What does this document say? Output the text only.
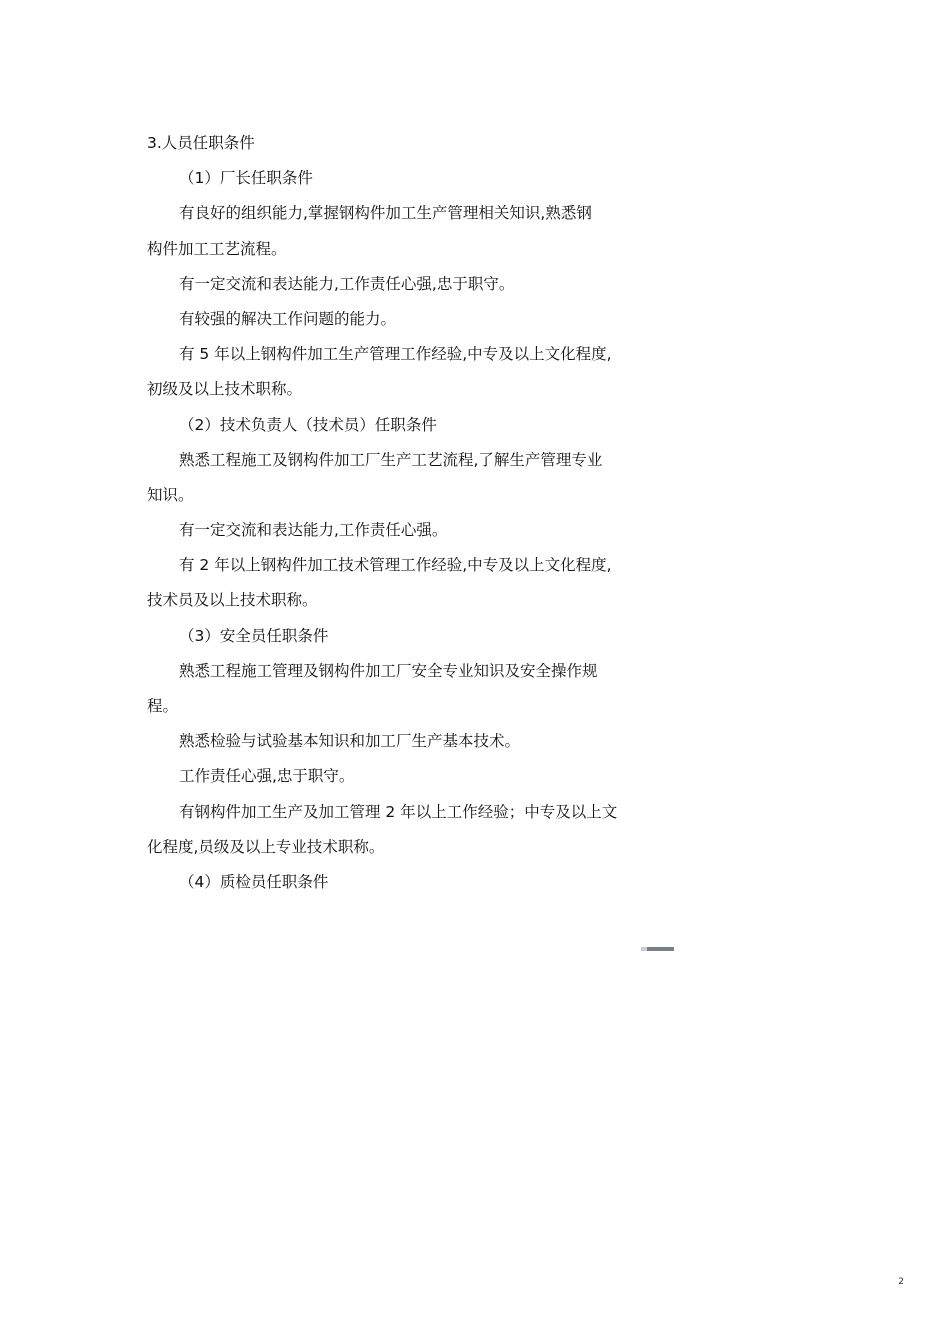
3.人员任职条件
（1）厂长任职条件
有良好的组织能力,掌握钢构件加工生产管理相关知识,熟悉钢
构件加工工艺流程。
有一定交流和表达能力,工作责任心强,忠于职守。
有较强的解决工作问题的能力。
有 5 年以上钢构件加工生产管理工作经验,中专及以上文化程度,
初级及以上技术职称。
（2）技术负责人（技术员）任职条件
熟悉工程施工及钢构件加工厂生产工艺流程,了解生产管理专业
知识。
有一定交流和表达能力,工作责任心强。
有 2 年以上钢构件加工技术管理工作经验,中专及以上文化程度,
技术员及以上技术职称。
（3）安全员任职条件
熟悉工程施工管理及钢构件加工厂安全专业知识及安全操作规
程。
熟悉检验与试验基本知识和加工厂生产基本技术。
工作责任心强,忠于职守。
有钢构件加工生产及加工管理 2 年以上工作经验；中专及以上文
化程度,员级及以上专业技术职称。
（4）质检员任职条件
2
